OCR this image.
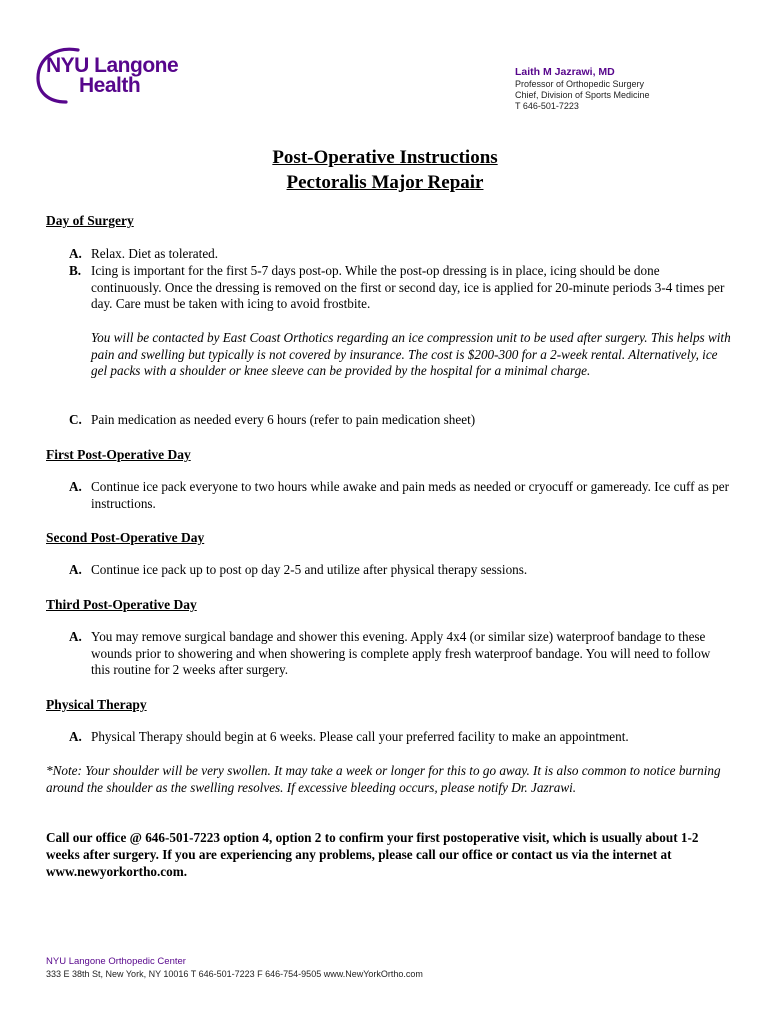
NYU Langone
Health
Laith M Jazrawi, MD
Professor of Orthopedic Surgery
Chief, Division of Sports Medicine
T 646-501-7223
Post-Operative Instructions
Pectoralis Major Repair
Day of Surgery
A. Relax. Diet as tolerated.
B. Icing is important for the first 5-7 days post-op. While the post-op dressing is in place, icing should be done continuously. Once the dressing is removed on the first or second day, ice is applied for 20-minute periods 3-4 times per day. Care must be taken with icing to avoid frostbite.
You will be contacted by East Coast Orthotics regarding an ice compression unit to be used after surgery. This helps with pain and swelling but typically is not covered by insurance. The cost is $200-300 for a 2-week rental. Alternatively, ice gel packs with a shoulder or knee sleeve can be provided by the hospital for a minimal charge.
C. Pain medication as needed every 6 hours (refer to pain medication sheet)
First Post-Operative Day
A. Continue ice pack everyone to two hours while awake and pain meds as needed or cryocuff or gameready. Ice cuff as per instructions.
Second Post-Operative Day
A. Continue ice pack up to post op day 2-5 and utilize after physical therapy sessions.
Third Post-Operative Day
A. You may remove surgical bandage and shower this evening. Apply 4x4 (or similar size) waterproof bandage to these wounds prior to showering and when showering is complete apply fresh waterproof bandage. You will need to follow this routine for 2 weeks after surgery.
Physical Therapy
A. Physical Therapy should begin at 6 weeks. Please call your preferred facility to make an appointment.
*Note: Your shoulder will be very swollen. It may take a week or longer for this to go away. It is also common to notice burning around the shoulder as the swelling resolves. If excessive bleeding occurs, please notify Dr. Jazrawi.
Call our office @ 646-501-7223 option 4, option 2 to confirm your first postoperative visit, which is usually about 1-2 weeks after surgery. If you are experiencing any problems, please call our office or contact us via the internet at www.newyorkortho.com.
NYU Langone Orthopedic Center
333 E 38th St, New York, NY 10016 T 646-501-7223 F 646-754-9505 www.NewYorkOrtho.com
